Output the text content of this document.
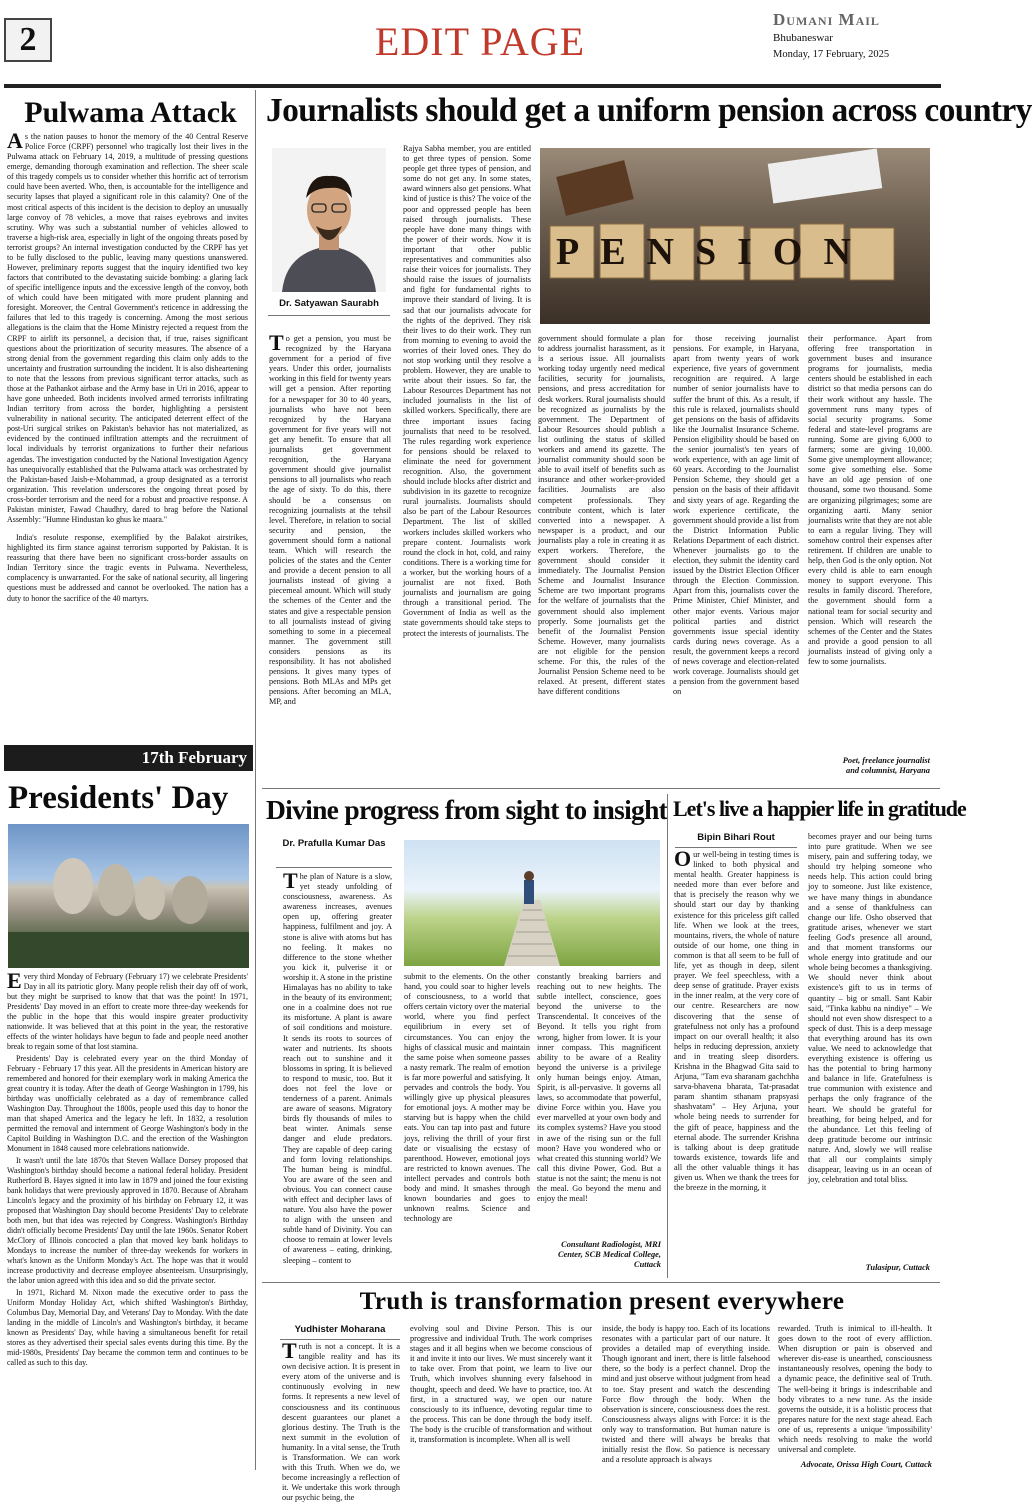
2	EDIT PAGE	Dumani Mail
Bhubaneswar
Monday, 17 February, 2025
Pulwama Attack

As the nation pauses to honor the memory of the 40 Central Reserve Police Force (CRPF) personnel who tragically lost their lives in the Pulwama attack on February 14, 2019, a multitude of pressing questions emerge, demanding thorough examination and reflection. The sheer scale of this tragedy compels us to consider whether this horrific act of terrorism could have been averted. Who, then, is accountable for the intelligence and security lapses that played a significant role in this calamity? One of the most critical aspects of this incident is the decision to deploy an unusually large convoy of 78 vehicles, a move that raises eyebrows and invites scrutiny. Why was such a substantial number of vehicles allowed to traverse a high-risk area, especially in light of the ongoing threats posed by terrorist groups? An internal investigation conducted by the CRPF has yet to be fully disclosed to the public, leaving many questions unanswered. However, preliminary reports suggest that the inquiry identified two key factors that contributed to the devastating suicide bombing: a glaring lack of specific intelligence inputs and the excessive length of the convoy, both of which could have been mitigated with more prudent planning and foresight. Moreover, the Central Government's reticence in addressing the failures that led to this tragedy is concerning. Among the most serious allegations is the claim that the Home Ministry rejected a request from the CRPF to airlift its personnel, a decision that, if true, raises significant questions about the prioritization of security measures. The absence of a strong denial from the government regarding this claim only adds to the uncertainty and frustration surrounding the incident. It is also disheartening to note that the lessons from previous significant terror attacks, such as those at the Pathankot airbase and the Army base in Uri in 2016, appear to have gone unheeded. Both incidents involved armed terrorists infiltrating Indian territory from across the border, highlighting a persistent vulnerability in national security. The anticipated deterrent effect of the post-Uri surgical strikes on Pakistan's behavior has not materialized, as evidenced by the continued infiltration attempts and the recruitment of local individuals by terrorist organizations to further their nefarious agendas. The investigation conducted by the National Investigation Agency has unequivocally established that the Pulwama attack was orchestrated by the Pakistan-based Jaish-e-Mohammad, a group designated as a terrorist organization. This revelation underscores the ongoing threat posed by cross-border terrorism and the need for a robust and proactive response. A Pakistan minister, Fawad Chaudhry, dared to brag before the National Assembly: "Humne Hindustan ko ghus ke maara."

India's resolute response, exemplified by the Balakot airstrikes, highlighted its firm stance against terrorism supported by Pakistan. It is reassuring that there have been no significant cross-border assaults on Indian Territory since the tragic events in Pulwama. Nevertheless, complacency is unwarranted. For the sake of national security, all lingering questions must be addressed and cannot be overlooked. The nation has a duty to honor the sacrifice of the 40 martyrs.

17th February
Presidents' Day

Every third Monday of February (February 17) we celebrate Presidents' Day in all its patriotic glory. Many people relish their day off of work, but they might be surprised to know that that was the point! In 1971, Presidents' Day moved in an effort to create more three-day weekends for the public in the hope that this would inspire greater productivity nationwide. It was believed that at this point in the year, the restorative effects of the winter holidays have begun to fade and people need another break to regain some of that lost stamina.

Presidents' Day is celebrated every year on the third Monday of February - February 17 this year. All the presidents in American history are remembered and honored for their exemplary work in making America the great country it is today. After the death of George Washington in 1799, his birthday was unofficially celebrated as a day of remembrance called Washington Day. Throughout the 1800s, people used this day to honor the man that shaped America and the legacy he left. In 1832, a resolution permitted the removal and internment of George Washington's body in the Capitol Building in Washington D.C. and the erection of the Washington Monument in 1848 caused more celebrations nationwide.

It wasn't until the late 1870s that Steven Wallace Dorsey proposed that Washington's birthday should become a national federal holiday. President Rutherford B. Hayes signed it into law in 1879 and joined the four existing bank holidays that were previously approved in 1870. Because of Abraham Lincoln's legacy and the proximity of his birthday on February 12, it was proposed that Washington Day should become Presidents' Day to celebrate both men, but that idea was rejected by Congress. Washington's Birthday didn't officially become Presidents' Day until the late 1960s. Senator Robert McClory of Illinois concocted a plan that moved key bank holidays to Mondays to increase the number of three-day weekends for workers in what's known as the Uniform Monday's Act. The hope was that it would increase productivity and decrease employee absenteeism. Unsurprisingly, the labor union agreed with this idea and so did the private sector.

In 1971, Richard M. Nixon made the executive order to pass the Uniform Monday Holiday Act, which shifted Washington's Birthday, Columbus Day, Memorial Day, and Veterans' Day to Monday. With the date landing in the middle of Lincoln's and Washington's birthday, it became known as Presidents' Day, while having a simultaneous benefit for retail stores as they advertised their special sales events during this time. By the mid-1980s, Presidents' Day became the common term and continues to be called as such to this day.

Journalists should get a uniform pension across country
Dr. Satyawan Saurabh
PENSION

To get a pension, you must be recognized by the Haryana government for a period of five years. Under this order, journalists working in this field for twenty years will get a pension. After reporting for a newspaper for 30 to 40 years, journalists who have not been recognized by the Haryana government for five years will not get any benefit. To ensure that all journalists get government recognition, the Haryana government should give journalist pensions to all journalists who reach the age of sixty. To do this, there should be a consensus on recognizing journalists at the tehsil level. Therefore, in relation to social security and pension, the government should form a national team. Which will research the policies of the states and the Center and provide a decent pension to all journalists instead of giving a piecemeal amount. Which will study the schemes of the Center and the states and give a respectable pension to all journalists instead of giving something to some in a piecemeal manner. The government still considers pensions as its responsibility. It has not abolished pensions. It gives many types of pensions. Both MLAs and MPs get pensions. After becoming an MLA, MP, and

Rajya Sabha member, you are entitled to get three types of pension. Some people get three types of pension, and some do not get any. In some states, award winners also get pensions. What kind of justice is this? The voice of the poor and oppressed people has been raised through journalists. These people have done many things with the power of their words. Now it is important that other public representatives and communities also raise their voices for journalists. They should raise the issues of journalists and fight for fundamental rights to improve their standard of living. It is sad that our journalists advocate for the rights of the deprived. They risk their lives to do their work. They run from morning to evening to avoid the worries of their loved ones. They do not stop working until they resolve a problem. However, they are unable to write about their issues. So far, the Labour Resources Department has not included journalists in the list of skilled workers. Specifically, there are three important issues facing journalists that need to be resolved. The rules regarding work experience for pensions should be relaxed to eliminate the need for government recognition. Also, the government should include blocks after district and subdivision in its gazette to recognize rural journalists. Journalists should also be part of the Labour Resources Department. The list of skilled workers includes skilled workers who prepare content. Journalists work round the clock in hot, cold, and rainy conditions. There is a working time for a worker, but the working hours of a journalist are not fixed. Both journalists and journalism are going through a transitional period. The Government of India as well as the state governments should take steps to protect the interests of journalists. The

government should formulate a plan to address journalist harassment, as it is a serious issue. All journalists working today urgently need medical facilities, security for journalists, pensions, and press accreditation for desk workers. Rural journalists should be recognized as journalists by the government. The Department of Labour Resources should publish a list outlining the status of skilled workers and amend its gazette. The journalist community should soon be able to avail itself of benefits such as insurance and other worker-provided facilities. Journalists are also competent professionals. They contribute content, which is later converted into a newspaper. A newspaper is a product, and our journalists play a role in creating it as expert workers. Therefore, the government should consider it immediately. The Journalist Pension Scheme and Journalist Insurance Scheme are two important programs for the welfare of journalists that the government should also implement properly. Some journalists get the benefit of the Journalist Pension Scheme. However, many journalists are not eligible for the pension scheme. For this, the rules of the Journalist Pension Scheme need to be relaxed. At present, different states have different conditions

for those receiving journalist pensions. For example, in Haryana, apart from twenty years of work experience, five years of government recognition are required. A large number of senior journalists have to suffer the brunt of this. As a result, if this rule is relaxed, journalists should get pensions on the basis of affidavits like the Journalist Insurance Scheme. Pension eligibility should be based on the senior journalist's ten years of work experience, with an age limit of 60 years. According to the Journalist Pension Scheme, they should get a pension on the basis of their affidavit and sixty years of age. Regarding the work experience certificate, the government should provide a list from the District Information Public Relations Department of each district. Whenever journalists go to the election, they submit the identity card issued by the District Election Officer through the Election Commission. Apart from this, journalists cover the Prime Minister, Chief Minister, and other major events. Various major political parties and district governments issue special identity cards during news coverage. As a result, the government keeps a record of news coverage and election-related work coverage. Journalists should get a pension from the government based on

their performance. Apart from offering free transportation in government buses and insurance programs for journalists, media centers should be established in each district so that media persons can do their work without any hassle. The government runs many types of social security programs. Some federal and state-level programs are running. Some are giving 6,000 to farmers; some are giving 10,000. Some give unemployment allowance; some give something else. Some have an old age pension of one thousand, some two thousand. Some are organizing pilgrimages; some are organizing aarti. Many senior journalists write that they are not able to earn a regular living. They will somehow control their expenses after retirement. If children are unable to help, then God is the only option. Not every child is able to earn enough money to support everyone. This results in family discord. Therefore, the government should form a national team for social security and pension. Which will research the schemes of the Center and the States and provide a good pension to all journalists instead of giving only a few to some journalists.

Poet, freelance journalist
and columnist, Haryana
Divine progress from sight to insight
Dr. Prafulla Kumar Das

The plan of Nature is a slow, yet steady unfolding of consciousness, awareness. As awareness increases, avenues open up, offering greater happiness, fulfilment and joy. A stone is alive with atoms but has no feeling. It makes no difference to the stone whether you kick it, pulverise it or worship it. A stone in the pristine Himalayas has no ability to take in the beauty of its environment; one in a coalmine does not rue its misfortune. A plant is aware of soil conditions and moisture. It sends its roots to sources of water and nutrients. Its shoots reach out to sunshine and it blossoms in spring. It is believed to respond to music, too. But it does not feel the love or tenderness of a parent. Animals are aware of seasons. Migratory birds fly thousands of miles to beat winter. Animals sense danger and elude predators. They are capable of deep caring and form loving relationships. The human being is mindful. You are aware of the seen and obvious. You can connect cause with effect and decipher laws of nature. You also have the power to align with the unseen and subtle hand of Divinity. You can choose to remain at lower levels of awareness – eating, drinking, sleeping – content to

submit to the elements. On the other hand, you could soar to higher levels of consciousness, to a world that offers certain victory over the material world, where you find perfect equilibrium in every set of circumstances. You can enjoy the highs of classical music and maintain the same poise when someone passes a nasty remark. The realm of emotion is far more powerful and satisfying. It pervades and controls the body. You willingly give up physical pleasures for emotional joys. A mother may be starving but is happy when the child eats. You can tap into past and future joys, reliving the thrill of your first date or visualising the ecstasy of parenthood. However, emotional joys are restricted to known avenues. The intellect pervades and controls both body and mind. It smashes through known boundaries and goes to unknown realms. Science and technology are

constantly breaking barriers and reaching out to new heights. The subtle intellect, conscience, goes beyond the universe to the Transcendental. It conceives of the Beyond. It tells you right from wrong, higher from lower. It is your inner compass. This magnificent ability to be aware of a Reality beyond the universe is a privilege only human beings enjoy. Atman, Spirit, is all-pervasive. It governs all laws, so accommodate that powerful, divine Force within you. Have you ever marvelled at your own body and its complex systems? Have you stood in awe of the rising sun or the full moon? Have you wondered who or what created this stunning world? We call this divine Power, God. But a statue is not the saint; the menu is not the meal. Go beyond the menu and enjoy the meal!

Consultant Radiologist, MRI
Center, SCB Medical College,
Cuttack
Let's live a happier life in gratitude
Bipin Bihari Rout

Our well-being in testing times is linked to both physical and mental health. Greater happiness is needed more than ever before and that is precisely the reason why we should start our day by thanking existence for this priceless gift called life. When we look at the trees, mountains, rivers, the whole of nature outside of our home, one thing in common is that all seem to be full of life, yet as though in deep, silent prayer. We feel speechless, with a deep sense of gratitude. Prayer exists in the inner realm, at the very core of our centre. Researchers are now discovering that the sense of gratefulness not only has a profound impact on our overall health; it also helps in reducing depression, anxiety and in treating sleep disorders. Krishna in the Bhagwad Gita said to Arjuna, "Tam eva sharanam gachchha sarva-bhavena bharata, Tat-prasadat param shantim sthanam prapsyasi shashvatam" – Hey Arjuna, your whole being needs to surrender for the gift of peace, happiness and the eternal abode. The surrender Krishna is talking about is deep gratitude towards existence, towards life and all the other valuable things it has given us. When we thank the trees for the breeze in the morning, it

becomes prayer and our being turns into pure gratitude. When we see misery, pain and suffering today, we should try helping someone who needs help. This action could bring joy to someone. Just like existence, we have many things in abundance and a sense of thankfulness can change our life. Osho observed that gratitude arises, whenever we start feeling God's presence all around, and that moment transforms our whole energy into gratitude and our whole being becomes a thanksgiving. We should never think about existence's gift to us in terms of quantity – big or small. Sant Kabir said, "Tinka kabhu na nindiye" – We should not even show disrespect to a speck of dust. This is a deep message that everything around has its own value. We need to acknowledge that everything existence is offering us has the potential to bring harmony and balance in life. Gratefulness is true communion with existence and perhaps the only fragrance of the heart. We should be grateful for breathing, for being helped, and for the abundance. Let this feeling of deep gratitude become our intrinsic nature. And, slowly we will realise that all our complaints simply disappear, leaving us in an ocean of joy, celebration and total bliss.

Tulasipur, Cuttack
Truth is transformation present everywhere
Yudhister Moharana

Truth is not a concept. It is a tangible reality and has its own decisive action. It is present in every atom of the universe and is continuously evolving in new forms. It represents a new level of consciousness and its continuous descent guarantees our planet a glorious destiny. The Truth is the next summit in the evolution of humanity. In a vital sense, the Truth is Transformation. We can work with this Truth. When we do, we become increasingly a reflection of it. We undertake this work through our psychic being, the

evolving soul and Divine Person. This is our progressive and individual Truth. The work comprises stages and it all begins when we become conscious of it and invite it into our lives. We must sincerely want it to take over. From that point, we learn to live our Truth, which involves shunning every falsehood in thought, speech and deed. We have to practice, too. At first, in a structured way, we open our nature consciously to its influence, devoting regular time to the process. This can be done through the body itself. The body is the crucible of transformation and without it, transformation is incomplete. When all is well

inside, the body is happy too. Each of its locations resonates with a particular part of our nature. It provides a detailed map of everything inside. Though ignorant and inert, there is little falsehood there, so the body is a perfect channel. Drop the mind and just observe without judgment from head to toe. Stay present and watch the descending Force flow through the body. When the observation is sincere, consciousness does the rest. Consciousness always aligns with Force: it is the only way to transformation. But human nature is twisted and there will always be breaks that initially resist the flow. So patience is necessary and a resolute approach is always

rewarded. Truth is inimical to ill-health. It goes down to the root of every affliction. When disruption or pain is observed and wherever dis-ease is unearthed, consciousness instantaneously resolves, opening the body to a dynamic peace, the definitive seal of Truth. The well-being it brings is indescribable and body vibrates to a new tune. As the inside governs the outside, it is a holistic process that prepares nature for the next stage ahead. Each one of us, represents a unique 'impossibility' which needs resolving to make the world universal and complete.

Advocate, Orissa High Court, Cuttack
